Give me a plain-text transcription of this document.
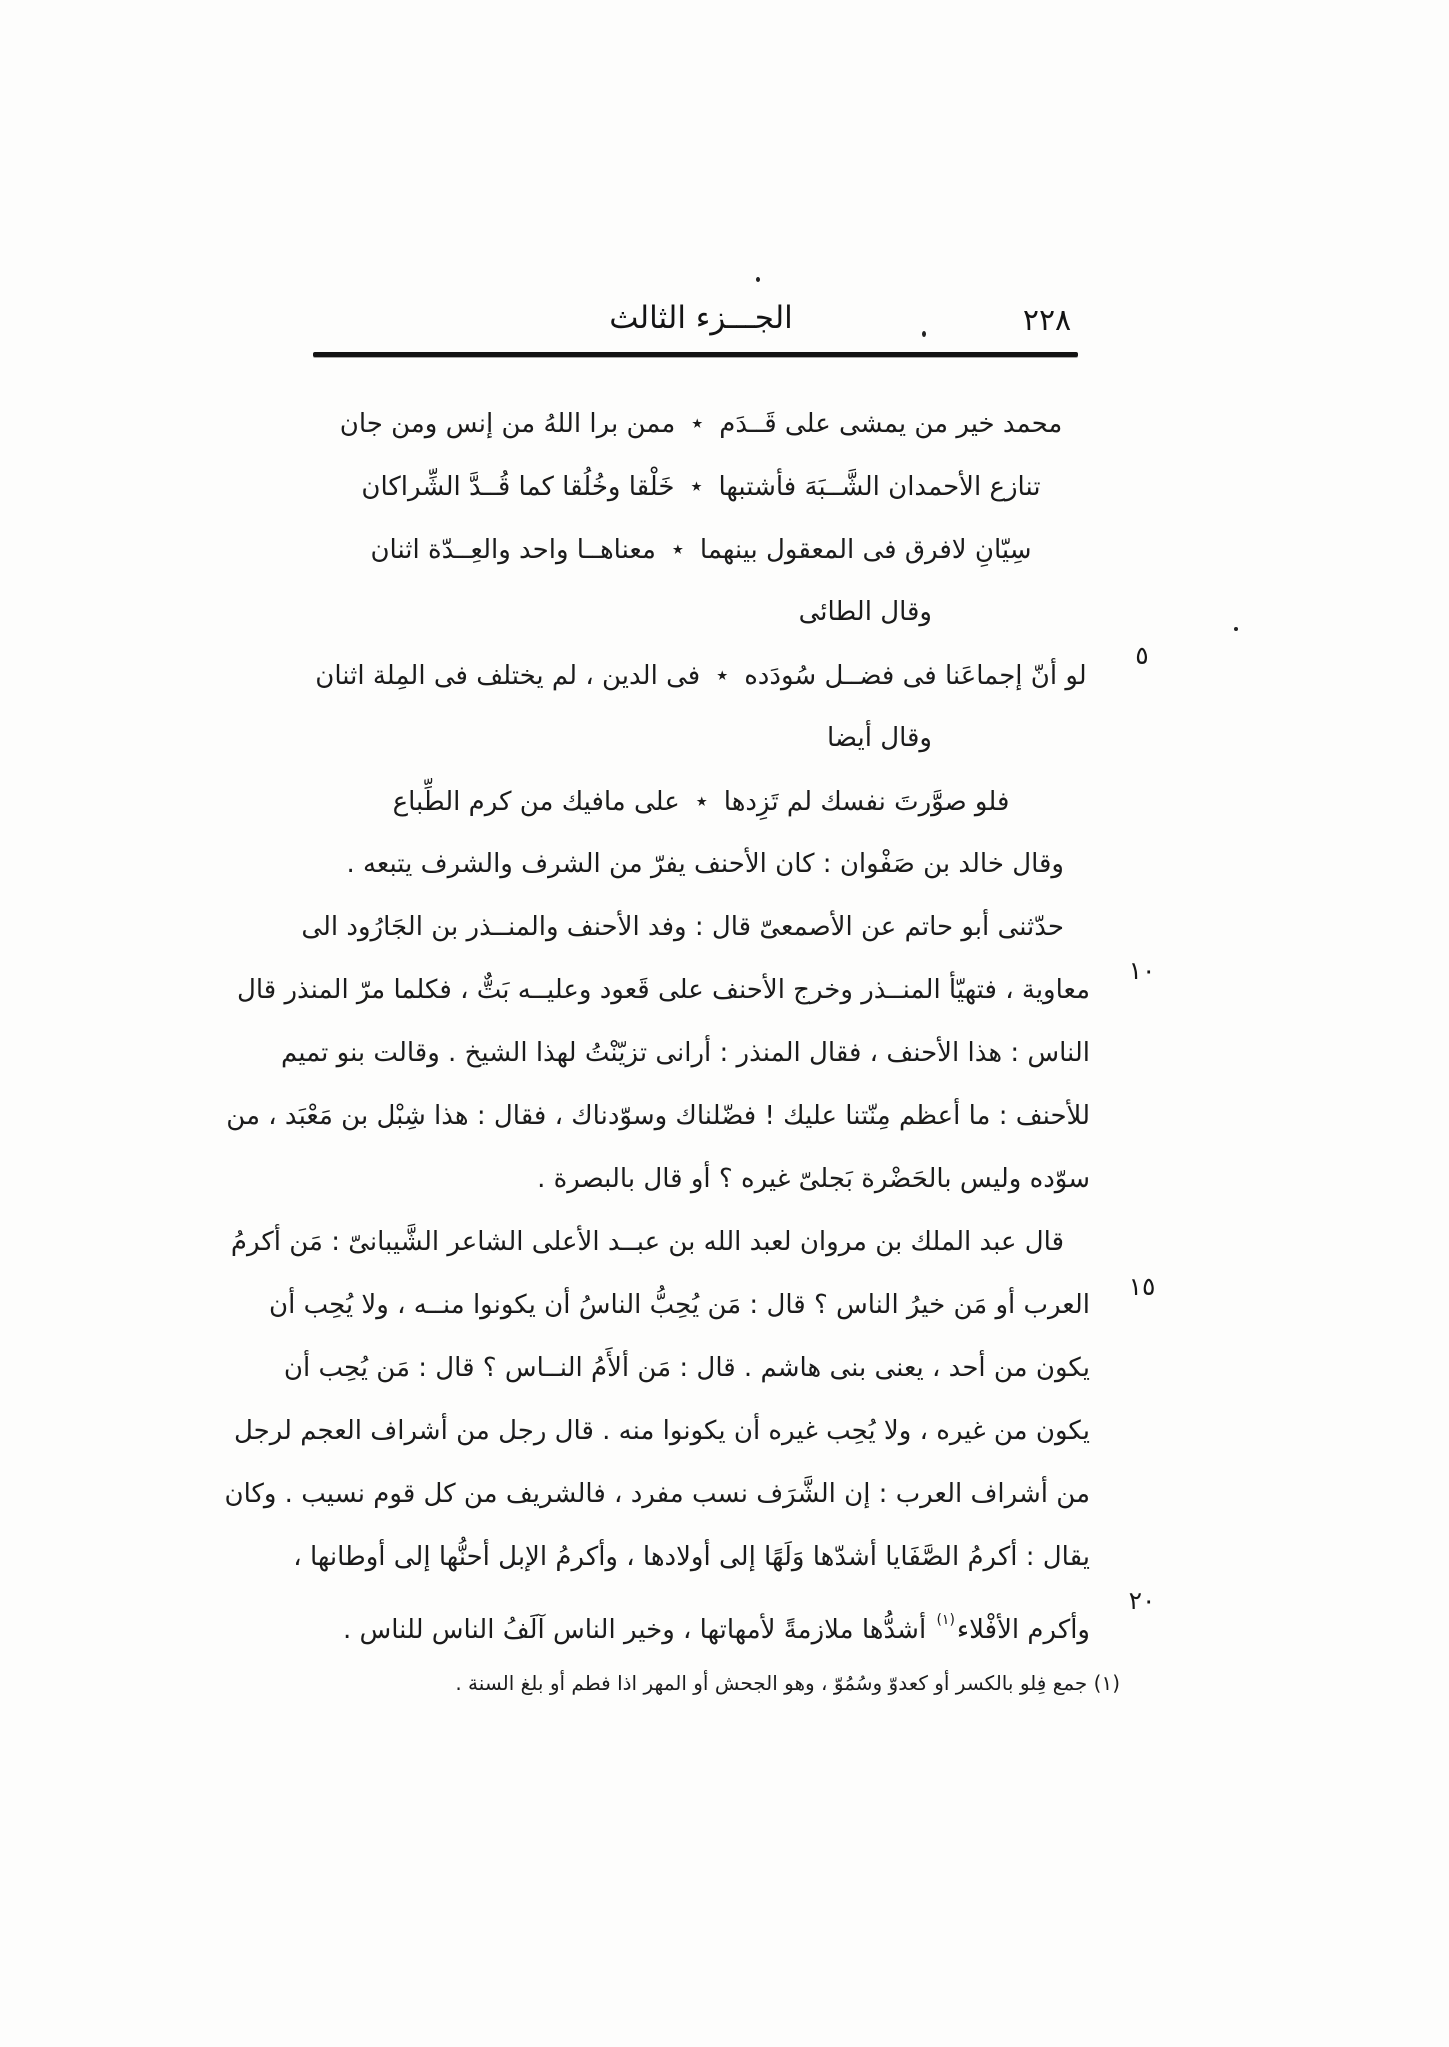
٢٢٨
الجـــزء الثالث
محمد خير من يمشى على قَــدَم٭ممن برا اللهُ من إنس ومن جان
تنازع الأحمدان الشَّــبَهَ فأشتبها٭خَلْقا وخُلُقا كما قُــدَّ الشِّراكان
سِيّانِ لافرق فى المعقول بينهما٭معناهــا واحد والعِــدّة اثنان
وقال الطائى
لو أنّ إجماعَنا فى فضــل سُودَده٭فى الدين ، لم يختلف فى المِلة اثنان
وقال أيضا
فلو صوَّرتَ نفسك لم تَزِدها٭على مافيك من كرم الطِّباع
وقال خالد بن صَفْوان : كان الأحنف يفرّ من الشرف والشرف يتبعه .
حدّثنى أبو حاتم عن الأصمعىّ قال : وفد الأحنف والمنــذر بن الجَارُود الى
معاوية ، فتهيّأ المنــذر وخرج الأحنف على قَعود وعليــه بَتٌّ ، فكلما مرّ المنذر قال
الناس : هذا الأحنف ، فقال المنذر : أرانى تزيّنْتُ لهذا الشيخ . وقالت بنو تميم
للأحنف : ما أعظم مِنّتنا عليك ! فضّلناك وسوّدناك ، فقال : هذا شِبْل بن مَعْبَد ، من
سوّده وليس بالحَضْرة بَجلىّ غيره ؟ أو قال بالبصرة .
قال عبد الملك بن مروان لعبد الله بن عبــد الأعلى الشاعر الشَّيبانىّ : مَن أكرمُ
العرب أو مَن خيرُ الناس ؟ قال : مَن يُحِبُّ الناسُ أن يكونوا منــه ، ولا يُحِب أن
يكون من أحد ، يعنى بنى هاشم . قال : مَن ألأَمُ النــاس ؟ قال : مَن يُحِب أن
يكون من غيره ، ولا يُحِب غيره أن يكونوا منه . قال رجل من أشراف العجم لرجل
من أشراف العرب : إن الشَّرَف نسب مفرد ، فالشريف من كل قوم نسيب . وكان
يقال : أكرمُ الصَّفَايا أشدّها وَلَهًا إلى أولادها ، وأكرمُ الإبل أحنُّها إلى أوطانها ،
وأكرم الأفْلاء$^{(١)}$ أشدُّها ملازمةً لأمهاتها ، وخير الناس آلَفُ الناس للناس .
٥
١٠
١٥
٢٠
(١) جمع فِلو بالكسر أو كعدوّ وسُمُوّ ، وهو الجحش أو المهر اذا فطم أو بلغ السنة .
